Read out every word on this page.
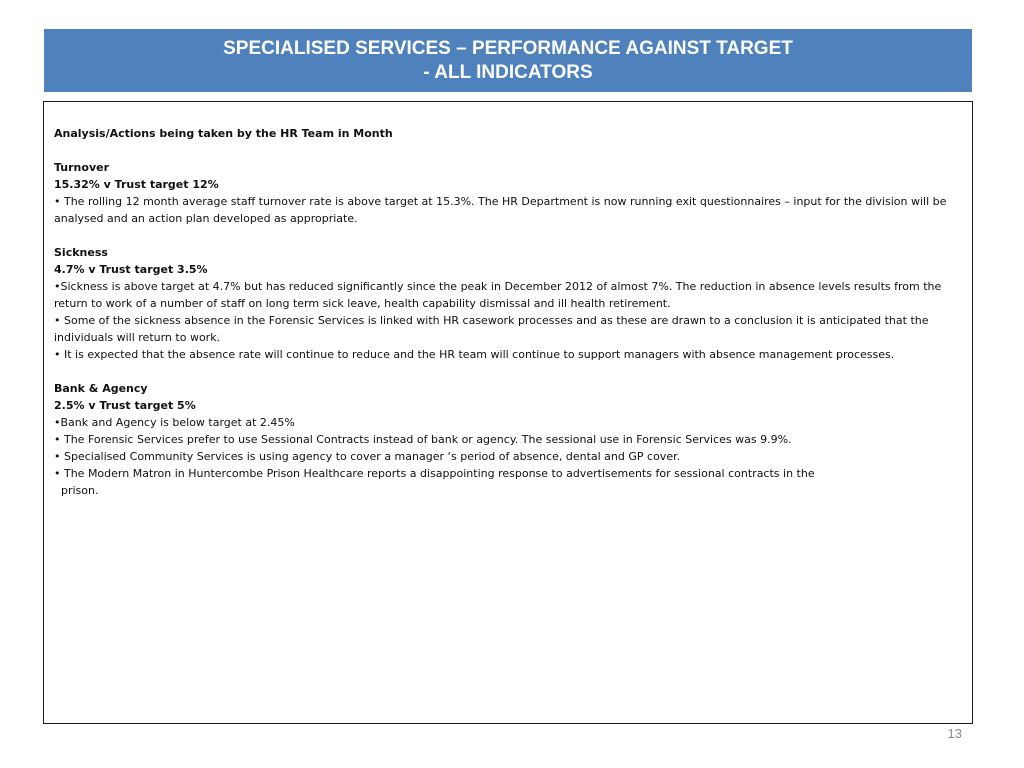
SPECIALISED SERVICES – PERFORMANCE AGAINST TARGET
- ALL INDICATORS

Analysis/Actions being taken by the HR Team in Month

Turnover

15.32% v Trust target 12%

• The rolling 12 month average staff turnover rate is above target at 15.3%. The HR Department is now running exit questionnaires – input for the division will be analysed and an action plan developed as appropriate.

Sickness

4.7% v Trust target 3.5%

•Sickness is above target at 4.7% but has reduced significantly since the peak in December 2012 of almost 7%. The reduction in absence levels results from the return to work of a number of staff on long term sick leave, health capability dismissal and ill health retirement.

• Some of the sickness absence in the Forensic Services is linked with HR casework processes and as these are drawn to a conclusion it is anticipated that the individuals will return to work.

• It is expected that the absence rate will continue to reduce and the HR team will continue to support managers with absence management processes.

Bank & Agency

2.5% v Trust target 5%

•Bank and Agency is below target at 2.45%

• The Forensic Services prefer to use Sessional Contracts instead of bank or agency. The sessional use in Forensic Services was 9.9%.

• Specialised Community Services is using agency to cover a manager ‘s period of absence, dental and GP cover.

• The Modern Matron in Huntercombe Prison Healthcare reports a disappointing response to advertisements for sessional contracts in the

prison.

13
